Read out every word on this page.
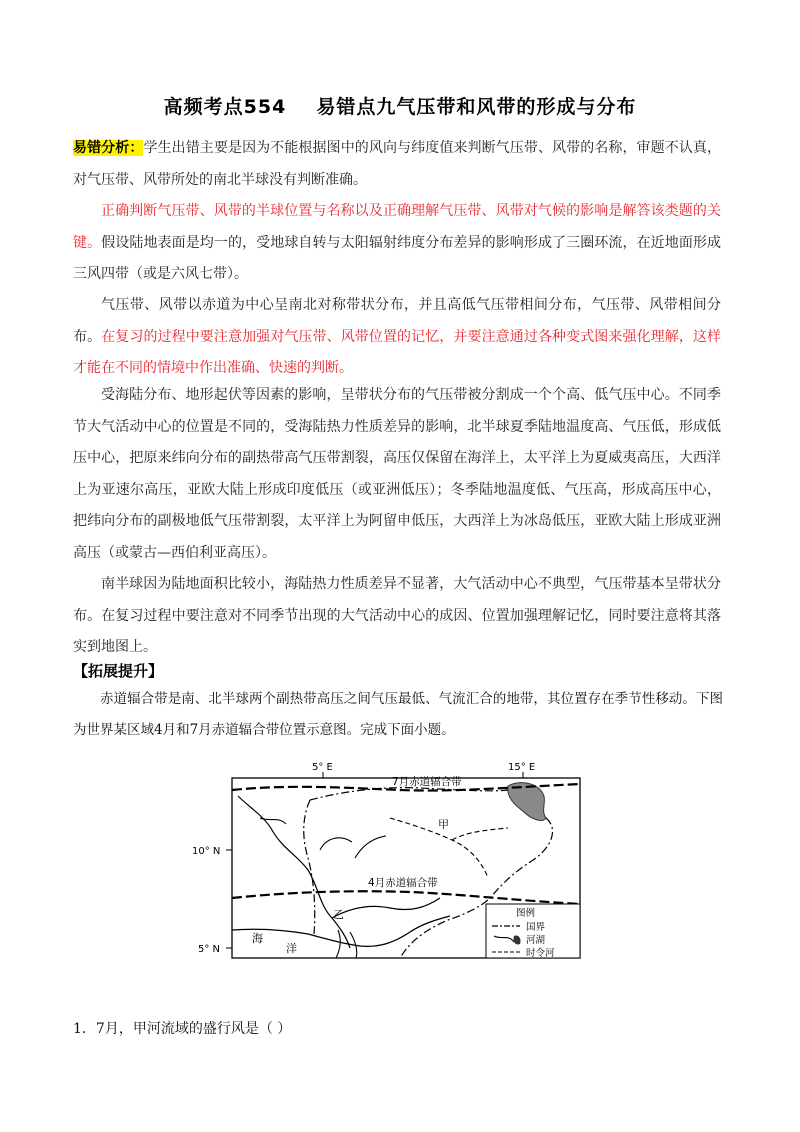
高频考点554 易错点九气压带和风带的形成与分布
易错分析：学生出错主要是因为不能根据图中的风向与纬度值来判断气压带、风带的名称，审题不认真，对气压带、风带所处的南北半球没有判断准确。
正确判断气压带、风带的半球位置与名称以及正确理解气压带、风带对气候的影响是解答该类题的关键。假设陆地表面是均一的，受地球自转与太阳辐射纬度分布差异的影响形成了三圈环流，在近地面形成三风四带（或是六风七带）。
气压带、风带以赤道为中心呈南北对称带状分布，并且高低气压带相间分布，气压带、风带相间分布。在复习的过程中要注意加强对气压带、风带位置的记忆，并要注意通过各种变式图来强化理解，这样才能在不同的情境中作出准确、快速的判断。
受海陆分布、地形起伏等因素的影响，呈带状分布的气压带被分割成一个个高、低气压中心。不同季节大气活动中心的位置是不同的，受海陆热力性质差异的影响，北半球夏季陆地温度高、气压低，形成低压中心，把原来纬向分布的副热带高气压带割裂，高压仅保留在海洋上，太平洋上为夏威夷高压，大西洋上为亚速尔高压，亚欧大陆上形成印度低压（或亚洲低压）；冬季陆地温度低、气压高，形成高压中心，把纬向分布的副极地低气压带割裂，太平洋上为阿留申低压，大西洋上为冰岛低压，亚欧大陆上形成亚洲高压（或蒙古—西伯利亚高压）。
南半球因为陆地面积比较小，海陆热力性质差异不显著，大气活动中心不典型，气压带基本呈带状分布。在复习过程中要注意对不同季节出现的大气活动中心的成因、位置加强理解记忆，同时要注意将其落实到地图上。
【拓展提升】
赤道辐合带是南、北半球两个副热带高压之间气压最低、气流汇合的地带，其位置存在季节性移动。下图为世界某区域4月和7月赤道辐合带位置示意图。完成下面小题。
5° E	15° E
10° N
5° N
7月赤道辐合带
4月赤道辐合带
甲
乙
海
洋
图例
国界
河湖
时令河
1．7月，甲河流域的盛行风是（ ）
